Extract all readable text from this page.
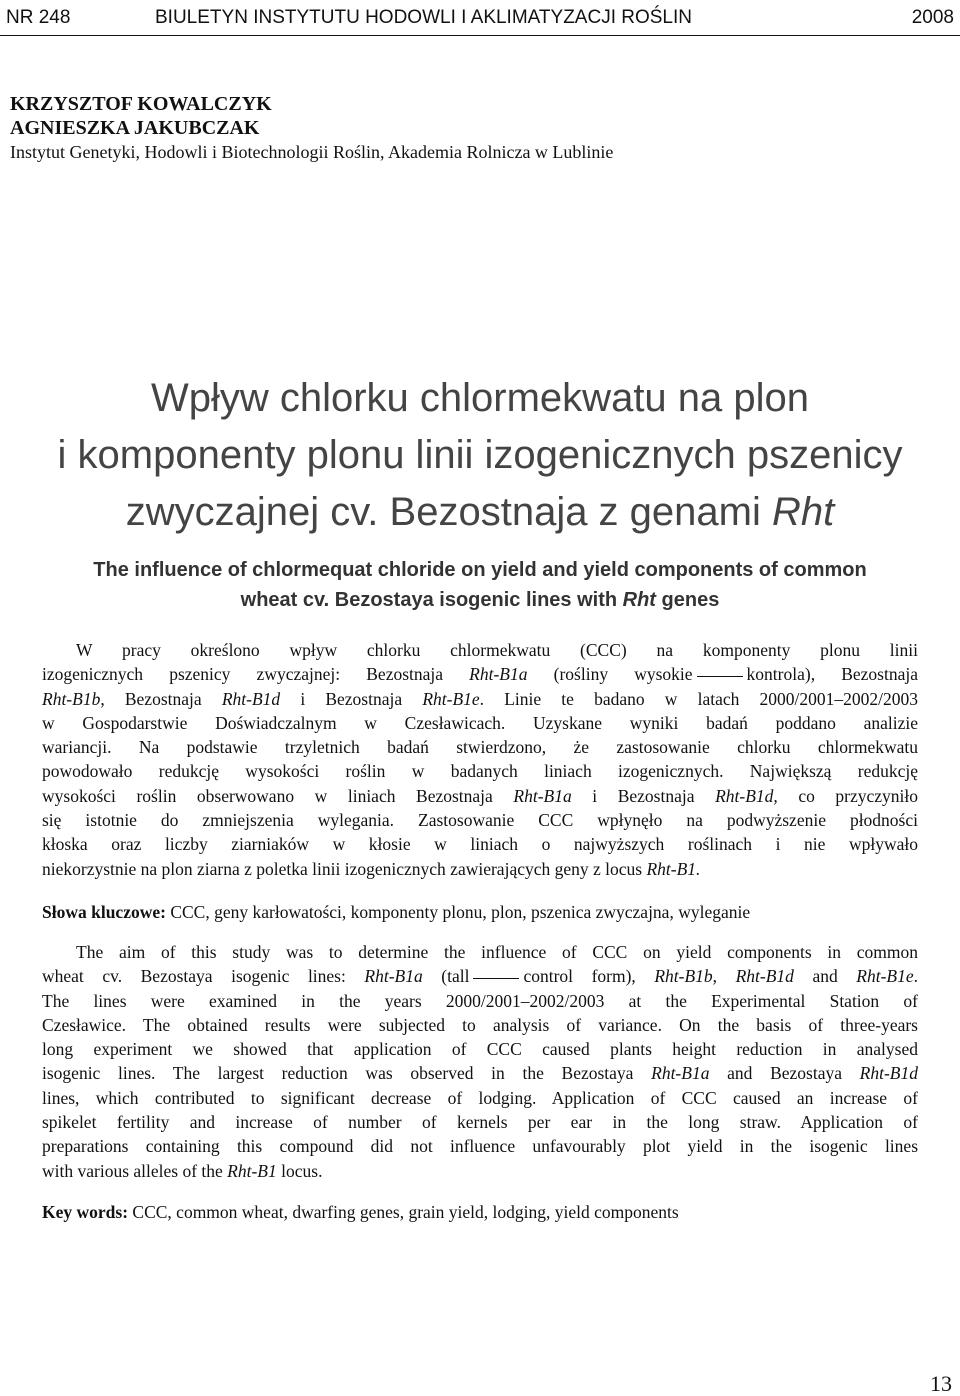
NR 248	BIULETYN INSTYTUTU HODOWLI I AKLIMATYZACJI ROŚLIN	2008
KRZYSZTOF KOWALCZYK
AGNIESZKA JAKUBCZAK
Instytut Genetyki, Hodowli i Biotechnologii Roślin, Akademia Rolnicza w Lublinie
Wpływ chlorku chlormekwatu na plon
i komponenty plonu linii izogenicznych pszenicy
zwyczajnej cv. Bezostnaja z genami Rht
The influence of chlormequat chloride on yield and yield components of common
wheat cv. Bezostaya isogenic lines with Rht genes
W pracy określono wpływ chlorku chlormekwatu (CCC) na komponenty plonu linii
izogenicznych pszenicy zwyczajnej: Bezostnaja Rht-B1a (rośliny wysokie	kontrola), Bezostnaja
Rht-B1b, Bezostnaja Rht-B1d i Bezostnaja Rht-B1e. Linie te badano w latach 2000/2001–2002/2003
w Gospodarstwie Doświadczalnym w Czesławicach. Uzyskane wyniki badań poddano analizie
wariancji. Na podstawie trzyletnich badań stwierdzono, że zastosowanie chlorku chlormekwatu
powodowało redukcję wysokości roślin w badanych liniach izogenicznych. Największą redukcję
wysokości roślin obserwowano w liniach Bezostnaja Rht-B1a i Bezostnaja Rht-B1d, co przyczyniło
się istotnie do zmniejszenia wylegania. Zastosowanie CCC wpłynęło na podwyższenie płodności
kłoska oraz liczby ziarniaków w kłosie w liniach o najwyższych roślinach i nie wpływało
niekorzystnie na plon ziarna z poletka linii izogenicznych zawierających geny z locus Rht-B1.
Słowa kluczowe: CCC, geny karłowatości, komponenty plonu, plon, pszenica zwyczajna, wyleganie
The aim of this study was to determine the influence of CCC on yield components in common
wheat cv. Bezostaya isogenic lines: Rht-B1a (tall	control form), Rht-B1b, Rht-B1d and Rht-B1e.
The lines were examined in the years 2000/2001–2002/2003 at the Experimental Station of
Czesławice. The obtained results were subjected to analysis of variance. On the basis of three-years
long experiment we showed that application of CCC caused plants height reduction in analysed
isogenic lines. The largest reduction was observed in the Bezostaya Rht-B1a and Bezostaya Rht-B1d
lines, which contributed to significant decrease of lodging. Application of CCC caused an increase of
spikelet fertility and increase of number of kernels per ear in the long straw. Application of
preparations containing this compound did not influence unfavourably plot yield in the isogenic lines
with various alleles of the Rht-B1 locus.
Key words: CCC, common wheat, dwarfing genes, grain yield, lodging, yield components
13
